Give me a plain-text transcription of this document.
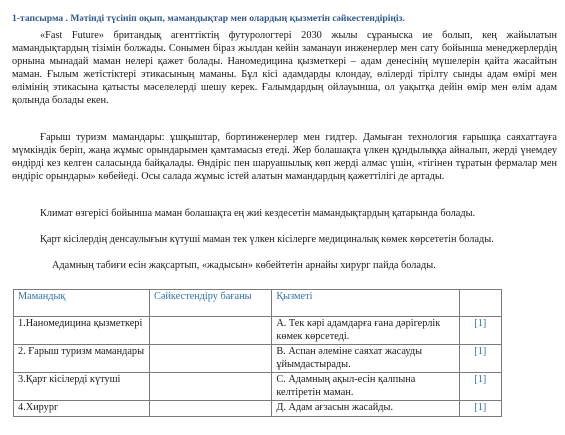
1-тапсырма . Мәтінді түсініп оқып, мамандықтар мен олардың қызметін сәйкестендіріңіз.

«Fast Future» британдық агенттіктің футурологтері 2030 жылы сұраныска ие болып, кең жайылатын мамандықтардың тізімін болжады. Сонымен бірaз жылдан кейін заманауи инженерлер мен сату бойынша менеджерлердің орнына мынадай маман нелері қажет болады. Наномедицина қызметкері – адам денесінің мүшелерін қайта жасайтын маман. Ғылым жетістіктері этикасының маманы. Бұл кісі адамдарды клондау, өлілерді тірілту сынды адам өмірі мен өлімінің этикасына қатысты мәселелерді шешу керек. Ғалымдардың ойлауынша, ол уақытқа дейін өмір мен өлім адам қолында болады екен.

Ғарыш туризм мамандары: ұшқыштар, бортинженерлер мен гидтер. Дамыған технология ғарышқа саяхаттауға мүмкіндік беріп, жаңа жұмыс орындарымен қамтамасыз етеді. Жер болашақта үлкен құндылыққа айналып, жерді үнемдеу өндірді кез келген саласында байқалады. Өндіріс пен шаруашылық көп жерді алмас үшін, «тігінен тұратын фермалар мен өндіріс орындары» көбейеді. Осы салада жұмыс істей алатын мамандардың қажеттілігі де артады.

Климат өзгерісі бойынша маман болашақта ең жиі кездесетін мамандықтардың қатарында болады.

Қарт кісілердің денсаулығын күтуші маман тек үлкен кісілерге медициналық көмек көрсететін болады.

Адамның табиғи есін жақсартып, «жадысын» көбейтетін арнайы хирург пайда болады.

Мамандық	Сәйкестендіру бағаны	Қызметі	
1.Наномедицина қызметкері		А. Тек кәрі адамдарға ғана дәрігерлік көмек көрсетеді.	[1]
2. Ғарыш туризм мамандары		В. Аспан әлеміне саяхат жасауды ұйымдастырады.	[1]
3.Қарт кісілерді күтуші		С. Адамның ақыл-есін қалпына келтіретін маман.	[1]
4.Хирург		Д. Адам ағзасын жасайды.	[1]
